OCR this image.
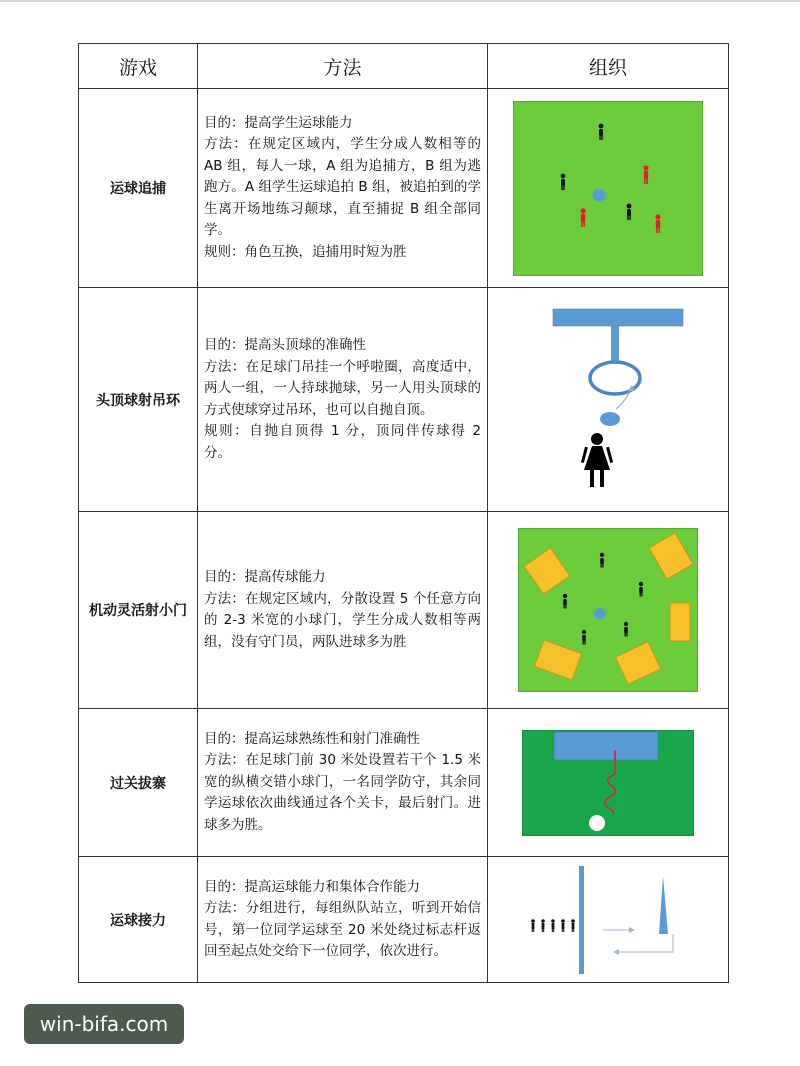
游戏	方法	组织
运球追捕	目的：提高学生运球能力

方法：在规定区域内，学生分成人数相等的 AB 组，每人一球，A 组为追捕方，B 组为逃跑方。A 组学生运球追拍 B 组，被追拍到的学生离开场地练习颠球，直至捕捉 B 组全部同学。

规则：角色互换，追捕用时短为胜

头顶球射吊环	目的：提高头顶球的准确性

方法：在足球门吊挂一个呼啦圈，高度适中，两人一组，一人持球抛球，另一人用头顶球的方式使球穿过吊环，也可以自抛自顶。

规则：自抛自顶得 1 分，顶同伴传球得 2 分。

机动灵活射小门	目的：提高传球能力

方法：在规定区域内，分散设置 5 个任意方向的 2-3 米宽的小球门，学生分成人数相等两组，没有守门员，两队进球多为胜

过关拔寨	目的：提高运球熟练性和射门准确性

方法：在足球门前 30 米处设置若干个 1.5 米宽的纵横交错小球门，一名同学防守，其余同学运球依次曲线通过各个关卡，最后射门。进球多为胜。

运球接力	目的：提高运球能力和集体合作能力

方法：分组进行，每组纵队站立，听到开始信号，第一位同学运球至 20 米处绕过标志杆返回至起点处交给下一位同学，依次进行。

win-bifa.com
